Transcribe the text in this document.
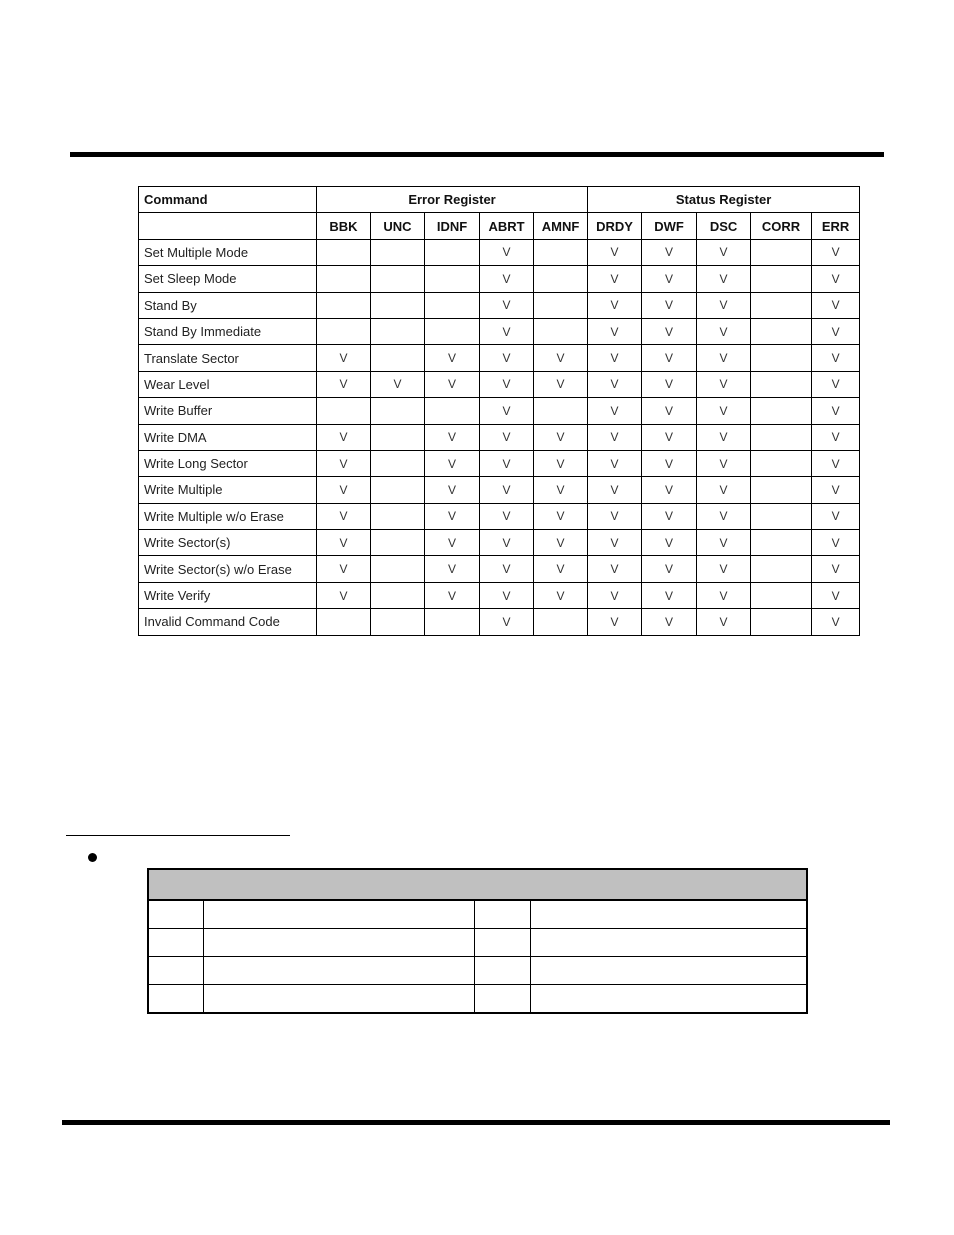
Command	Error Register					Status Register				
	BBK	UNC	IDNF	ABRT	AMNF	DRDY	DWF	DSC	CORR	ERR
Set Multiple Mode				V		V	V	V		V
Set Sleep Mode				V		V	V	V		V
Stand By				V		V	V	V		V
Stand By Immediate				V		V	V	V		V
Translate Sector	V		V	V	V	V	V	V		V
Wear Level	V	V	V	V	V	V	V	V		V
Write Buffer				V		V	V	V		V
Write DMA	V		V	V	V	V	V	V		V
Write Long Sector	V		V	V	V	V	V	V		V
Write Multiple	V		V	V	V	V	V	V		V
Write Multiple w/o Erase	V		V	V	V	V	V	V		V
Write Sector(s)	V		V	V	V	V	V	V		V
Write Sector(s) w/o Erase	V		V	V	V	V	V	V		V
Write Verify	V		V	V	V	V	V	V		V
Invalid Command Code				V		V	V	V		V
